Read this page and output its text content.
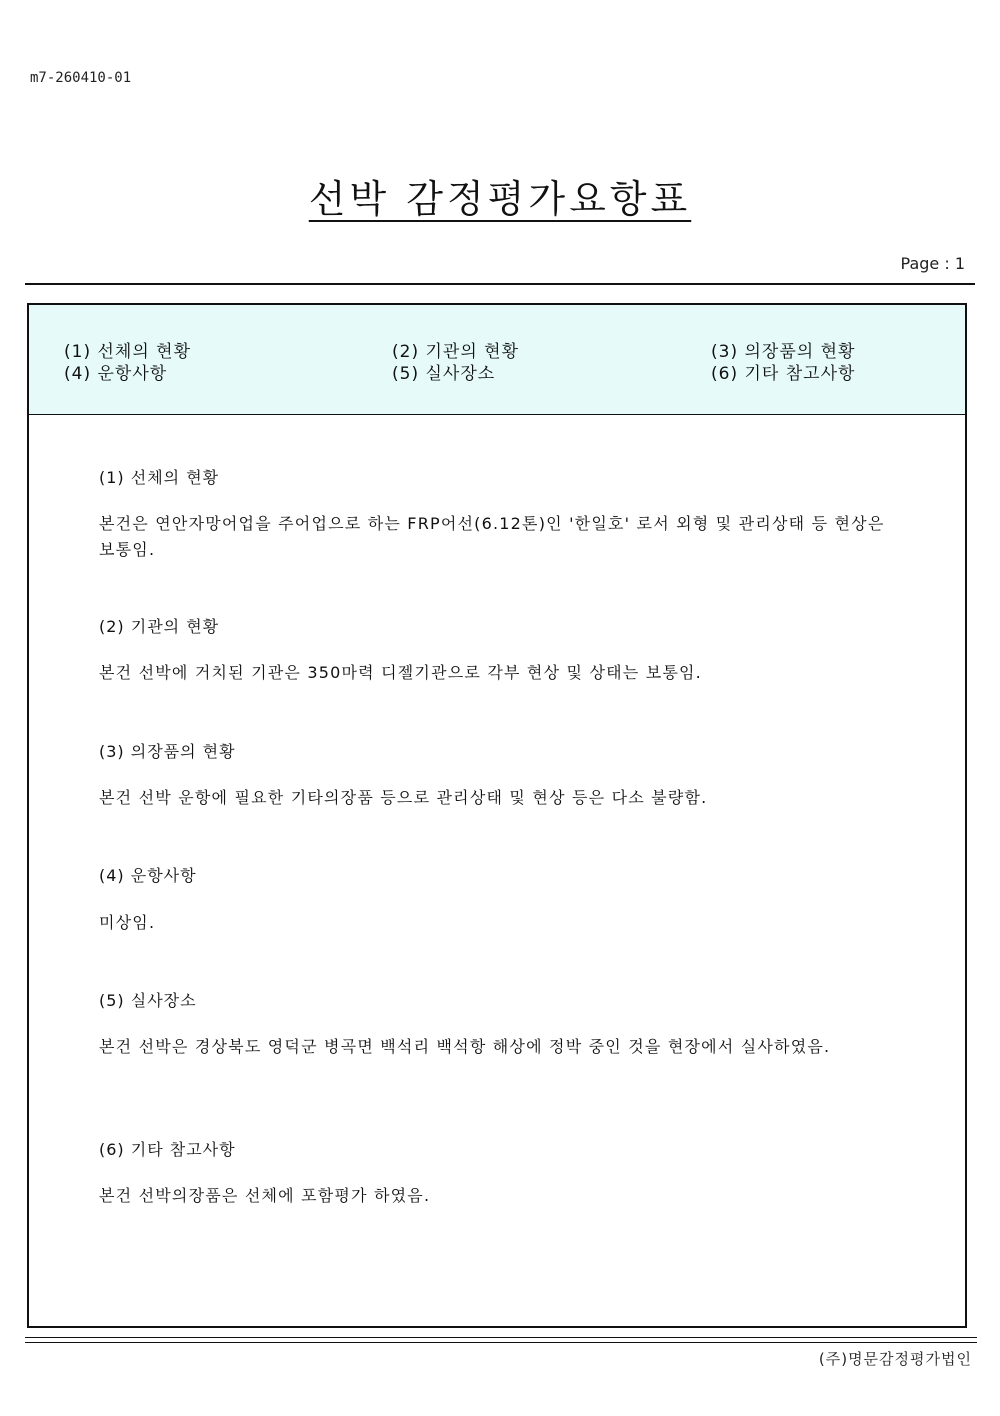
m7-260410-01
선박 감정평가요항표
Page : 1
(1) 선체의 현황	(2) 기관의 현황	(3) 의장품의 현황
(4) 운항사항	(5) 실사장소	(6) 기타 참고사항
(1) 선체의 현황
본건은 연안자망어업을 주어업으로 하는 FRP어선(6.12톤)인 '한일호' 로서 외형 및 관리상태 등 현상은 보통임.
(2) 기관의 현황
본건 선박에 거치된 기관은 350마력 디젤기관으로 각부 현상 및 상태는 보통임.
(3) 의장품의 현황
본건 선박 운항에 필요한 기타의장품 등으로 관리상태 및 현상 등은 다소 불량함.
(4) 운항사항
미상임.
(5) 실사장소
본건 선박은 경상북도 영덕군 병곡면 백석리 백석항 해상에 정박 중인 것을 현장에서 실사하였음.
(6) 기타 참고사항
본건 선박의장품은 선체에 포함평가 하였음.
(주)명문감정평가법인
